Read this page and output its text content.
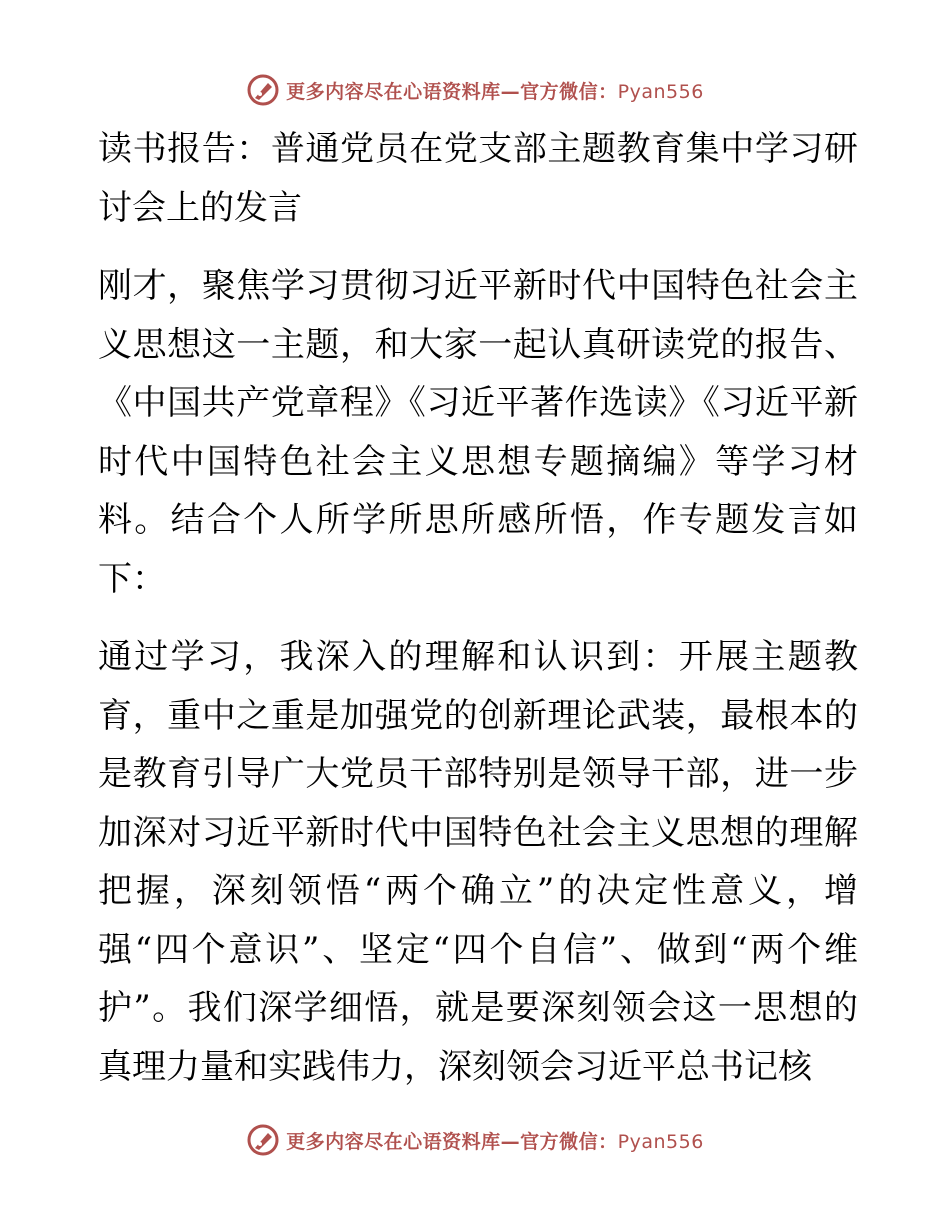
更多内容尽在心语资料库—官方微信：Pyan556

读书报告：普通党员在党支部主题教育集中学习研讨会上的发言

刚才，聚焦学习贯彻习近平新时代中国特色社会主义思想这一主题，和大家一起认真研读党的报告、《中国共产党章程》《习近平著作选读》《习近平新时代中国特色社会主义思想专题摘编》等学习材料。结合个人所学所思所感所悟，作专题发言如下：

通过学习，我深入的理解和认识到：开展主题教育，重中之重是加强党的创新理论武装，最根本的是教育引导广大党员干部特别是领导干部，进一步加深对习近平新时代中国特色社会主义思想的理解把握，深刻领悟“两个确立”的决定性意义，增强“四个意识”、坚定“四个自信”、做到“两个维护”。我们深学细悟，就是要深刻领会这一思想的真理力量和实践伟力，深刻领会习近平总书记核

更多内容尽在心语资料库—官方微信：Pyan556
